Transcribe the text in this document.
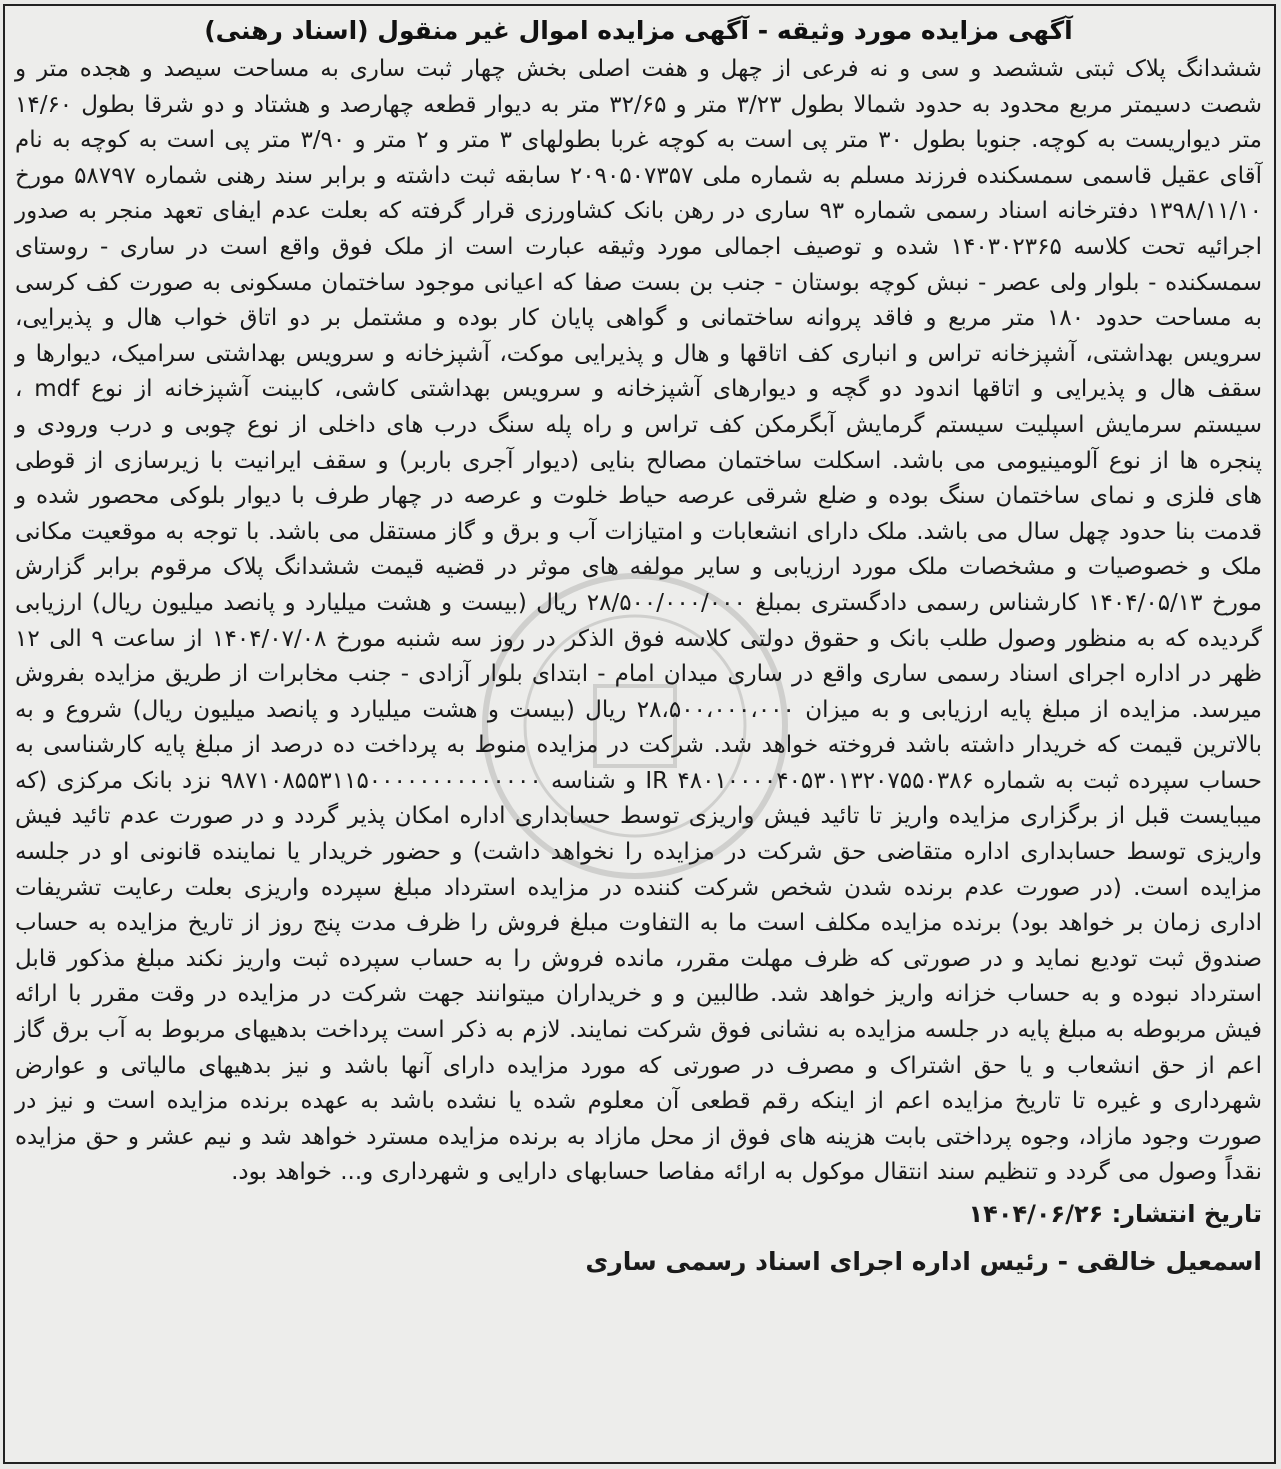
آگهی مزایده مورد وثیقه - آگهی مزایده اموال غیر منقول (اسناد رهنی)

ششدانگ پلاک ثبتی ششصد و سی و نه فرعی از چهل و هفت اصلی بخش چهار ثبت ساری به مساحت سیصد و هجده متر و شصت دسیمتر مربع محدود به حدود شمالا بطول ۳/۲۳ متر و ۳۲/۶۵ متر به دیوار قطعه چهارصد و هشتاد و دو شرقا بطول ۱۴/۶۰ متر دیواریست به کوچه. جنوبا بطول ۳۰ متر پی است به کوچه غربا بطولهای ۳ متر و ۲ متر و ۳/۹۰ متر پی است به کوچه به نام آقای عقیل قاسمی سمسکنده فرزند مسلم به شماره ملی ۲۰۹۰۵۰۷۳۵۷ سابقه ثبت داشته و برابر سند رهنی شماره ۵۸۷۹۷ مورخ ۱۳۹۸/۱۱/۱۰ دفترخانه اسناد رسمی شماره ۹۳ ساری در رهن بانک کشاورزی قرار گرفته که بعلت عدم ایفای تعهد منجر به صدور اجرائیه تحت کلاسه ۱۴۰۳۰۲۳۶۵ شده و توصیف اجمالی مورد وثیقه عبارت است از ملک فوق واقع است در ساری - روستای سمسکنده - بلوار ولی عصر - نبش کوچه بوستان - جنب بن بست صفا که اعیانی موجود ساختمان مسکونی به صورت کف کرسی به مساحت حدود ۱۸۰ متر مربع و فاقد پروانه ساختمانی و گواهی پایان کار بوده و مشتمل بر دو اتاق خواب هال و پذیرایی، سرویس بهداشتی، آشپزخانه تراس و انباری کف اتاقها و هال و پذیرایی موکت، آشپزخانه و سرویس بهداشتی سرامیک، دیوارها و سقف هال و پذیرایی و اتاقها اندود دو گچه و دیوارهای آشپزخانه و سرویس بهداشتی کاشی، کابینت آشپزخانه از نوع mdf ، سیستم سرمایش اسپلیت سیستم گرمایش آبگرمکن کف تراس و راه پله سنگ درب های داخلی از نوع چوبی و درب ورودی و پنجره ها از نوع آلومینیومی می باشد. اسکلت ساختمان مصالح بنایی (دیوار آجری باربر) و سقف ایرانیت با زیرسازی از قوطی های فلزی و نمای ساختمان سنگ بوده و ضلع شرقی عرصه حیاط خلوت و عرصه در چهار طرف با دیوار بلوکی محصور شده و قدمت بنا حدود چهل سال می باشد. ملک دارای انشعابات و امتیازات آب و برق و گاز مستقل می باشد. با توجه به موقعیت مکانی ملک و خصوصیات و مشخصات ملک مورد ارزیابی و سایر مولفه های موثر در قضیه قیمت ششدانگ پلاک مرقوم برابر گزارش مورخ ۱۴۰۴/۰۵/۱۳ کارشناس رسمی دادگستری بمبلغ ۲۸/۵۰۰/۰۰۰/۰۰۰ ریال (بیست و هشت میلیارد و پانصد میلیون ریال) ارزیابی گردیده که به منظور وصول طلب بانک و حقوق دولتی کلاسه فوق الذکر در روز سه شنبه مورخ ۱۴۰۴/۰۷/۰۸ از ساعت ۹ الی ۱۲ ظهر در اداره اجرای اسناد رسمی ساری واقع در ساری میدان امام - ابتدای بلوار آزادی - جنب مخابرات از طریق مزایده بفروش میرسد. مزایده از مبلغ پایه ارزیابی و به میزان ۲۸،۵۰۰،۰۰۰،۰۰۰ ریال (بیست و هشت میلیارد و پانصد میلیون ریال) شروع و به بالاترین قیمت که خریدار داشته باشد فروخته خواهد شد. شرکت در مزایده منوط به پرداخت ده درصد از مبلغ پایه کارشناسی به حساب سپرده ثبت به شماره ۴۸۰۱۰۰۰۰۴۰۵۳۰۱۳۲۰۷۵۵۰۳۸۶ IR و شناسه ۹۸۷۱۰۸۵۵۳۱۱۵۰۰۰۰۰۰۰۰۰۰۰۰۰۰ نزد بانک مرکزی (که میبایست قبل از برگزاری مزایده واریز تا تائید فیش واریزی توسط حسابداری اداره امکان پذیر گردد و در صورت عدم تائید فیش واریزی توسط حسابداری اداره متقاضی حق شرکت در مزایده را نخواهد داشت) و حضور خریدار یا نماینده قانونی او در جلسه مزایده است. (در صورت عدم برنده شدن شخص شرکت کننده در مزایده استرداد مبلغ سپرده واریزی بعلت رعایت تشریفات اداری زمان بر خواهد بود) برنده مزایده مکلف است ما به التفاوت مبلغ فروش را ظرف مدت پنج روز از تاریخ مزایده به حساب صندوق ثبت تودیع نماید و در صورتی که ظرف مهلت مقرر، مانده فروش را به حساب سپرده ثبت واریز نکند مبلغ مذکور قابل استرداد نبوده و به حساب خزانه واریز خواهد شد. طالبین و و خریداران میتوانند جهت شرکت در مزایده در وقت مقرر با ارائه فیش مربوطه به مبلغ پایه در جلسه مزایده به نشانی فوق شرکت نمایند. لازم به ذکر است پرداخت بدهیهای مربوط به آب برق گاز اعم از حق انشعاب و یا حق اشتراک و مصرف در صورتی که مورد مزایده دارای آنها باشد و نیز بدهیهای مالیاتی و عوارض شهرداری و غیره تا تاریخ مزایده اعم از اینکه رقم قطعی آن معلوم شده یا نشده باشد به عهده برنده مزایده است و نیز در صورت وجود مازاد، وجوه پرداختی بابت هزینه های فوق از محل مازاد به برنده مزایده مسترد خواهد شد و نیم عشر و حق مزایده نقداً وصول می گردد و تنظیم سند انتقال موکول به ارائه مفاصا حسابهای دارایی و شهرداری و... خواهد بود.

تاریخ انتشار: ۱۴۰۴/۰۶/۲۶
اسمعیل خالقی - رئیس اداره اجرای اسناد رسمی ساری
